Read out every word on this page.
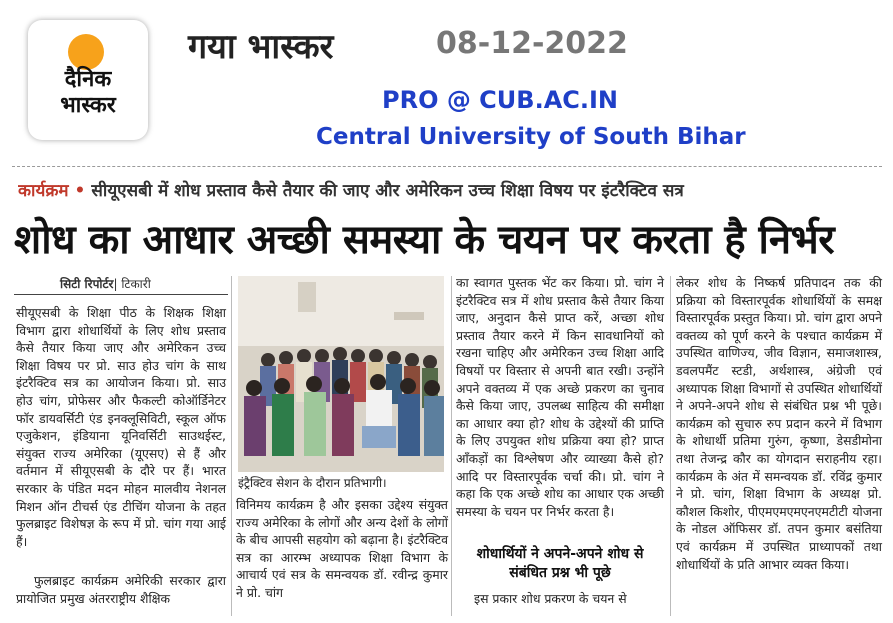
दैनिक
भास्कर
गया भास्कर	08-12-2022
PRO @ CUB.AC.IN
Central University of South Bihar
कार्यक्रम • सीयूएसबी में शोध प्रस्ताव कैसे तैयार की जाए और अमेरिकन उच्च शिक्षा विषय पर इंटरैक्टिव सत्र
शोध का आधार अच्छी समस्या के चयन पर करता है निर्भर
सिटी रिपोर्टर| टिकारी

सीयूएसबी के शिक्षा पीठ के शिक्षक शिक्षा विभाग द्वारा शोधार्थियों के लिए शोध प्रस्ताव कैसे तैयार किया जाए और अमेरिकन उच्च शिक्षा विषय पर प्रो. साउ होउ चांग के साथ इंटरैक्टिव सत्र का आयोजन किया। प्रो. साउ होउ चांग, प्रोफेसर और फैकल्टी कोऑर्डिनेटर फॉर डायवर्सिटी एंड इनक्लूसिविटी, स्कूल ऑफ एजुकेशन, इंडियाना यूनिवर्सिटी साउथईस्ट, संयुक्त राज्य अमेरिका (यूएसए) से हैं और वर्तमान में सीयूएसबी के दौरे पर हैं। भारत सरकार के पंडित मदन मोहन मालवीय नेशनल मिशन ऑन टीचर्स एंड टीचिंग योजना के तहत फुलब्राइट विशेषज्ञ के रूप में प्रो. चांग गया आई हैं।

फुलब्राइट कार्यक्रम अमेरिकी सरकार द्वारा प्रायोजित प्रमुख अंतरराष्ट्रीय शैक्षिक

इंट्रैक्टिव सेशन के दौरान प्रतिभागी।

विनिमय कार्यक्रम है और इसका उद्देश्य संयुक्त राज्य अमेरिका के लोगों और अन्य देशों के लोगों के बीच आपसी सहयोग को बढ़ाना है। इंटरैक्टिव सत्र का आरम्भ अध्यापक शिक्षा विभाग के आचार्य एवं सत्र के समन्वयक डॉ. रवीन्द्र कुमार ने प्रो. चांग

का स्वागत पुस्तक भेंट कर किया। प्रो. चांग ने इंटरैक्टिव सत्र में शोध प्रस्ताव कैसे तैयार किया जाए, अनुदान कैसे प्राप्त करें, अच्छा शोध प्रस्ताव तैयार करने में किन सावधानियों को रखना चाहिए और अमेरिकन उच्च शिक्षा आदि विषयों पर विस्तार से अपनी बात रखी। उन्होंने अपने वक्तव्य में एक अच्छे प्रकरण का चुनाव कैसे किया जाए, उपलब्ध साहित्य की समीक्षा का आधार क्या हो? शोध के उद्देश्यों की प्राप्ति के लिए उपयुक्त शोध प्रक्रिया क्या हो? प्राप्त आँकड़ों का विश्लेषण और व्याख्या कैसे हो? आदि पर विस्तारपूर्वक चर्चा की। प्रो. चांग ने कहा कि एक अच्छे शोध का आधार एक अच्छी समस्या के चयन पर निर्भर करता है।

शोधार्थियों ने अपने-अपने शोध से संबंधित प्रश्न भी पूछे

इस प्रकार शोध प्रकरण के चयन से

लेकर शोध के निष्कर्ष प्रतिपादन तक की प्रक्रिया को विस्तारपूर्वक शोधार्थियों के समक्ष विस्तारपूर्वक प्रस्तुत किया। प्रो. चांग द्वारा अपने वक्तव्य को पूर्ण करने के पश्चात कार्यक्रम में उपस्थित वाणिज्य, जीव विज्ञान, समाजशास्त्र, डवलपमैंट स्टडी, अर्थशास्त्र, अंग्रेजी एवं अध्यापक शिक्षा विभागों से उपस्थित शोधार्थियों ने अपने-अपने शोध से संबंधित प्रश्न भी पूछे। कार्यक्रम को सुचारु रुप प्रदान करने में विभाग के शोधार्थी प्रतिमा गुरुंग, कृष्णा, डेसडीमोना तथा तेजन्द्र कौर का योगदान सराहनीय रहा। कार्यक्रम के अंत में समन्वयक डॉ. रविंद्र कुमार ने प्रो. चांग, शिक्षा विभाग के अध्यक्ष प्रो. कौशल किशोर, पीएमएमएमएनएमटीटी योजना के नोडल ऑफिसर डॉ. तपन कुमार बसंतिया एवं कार्यक्रम में उपस्थित प्राध्यापकों तथा शोधार्थियों के प्रति आभार व्यक्त किया।
